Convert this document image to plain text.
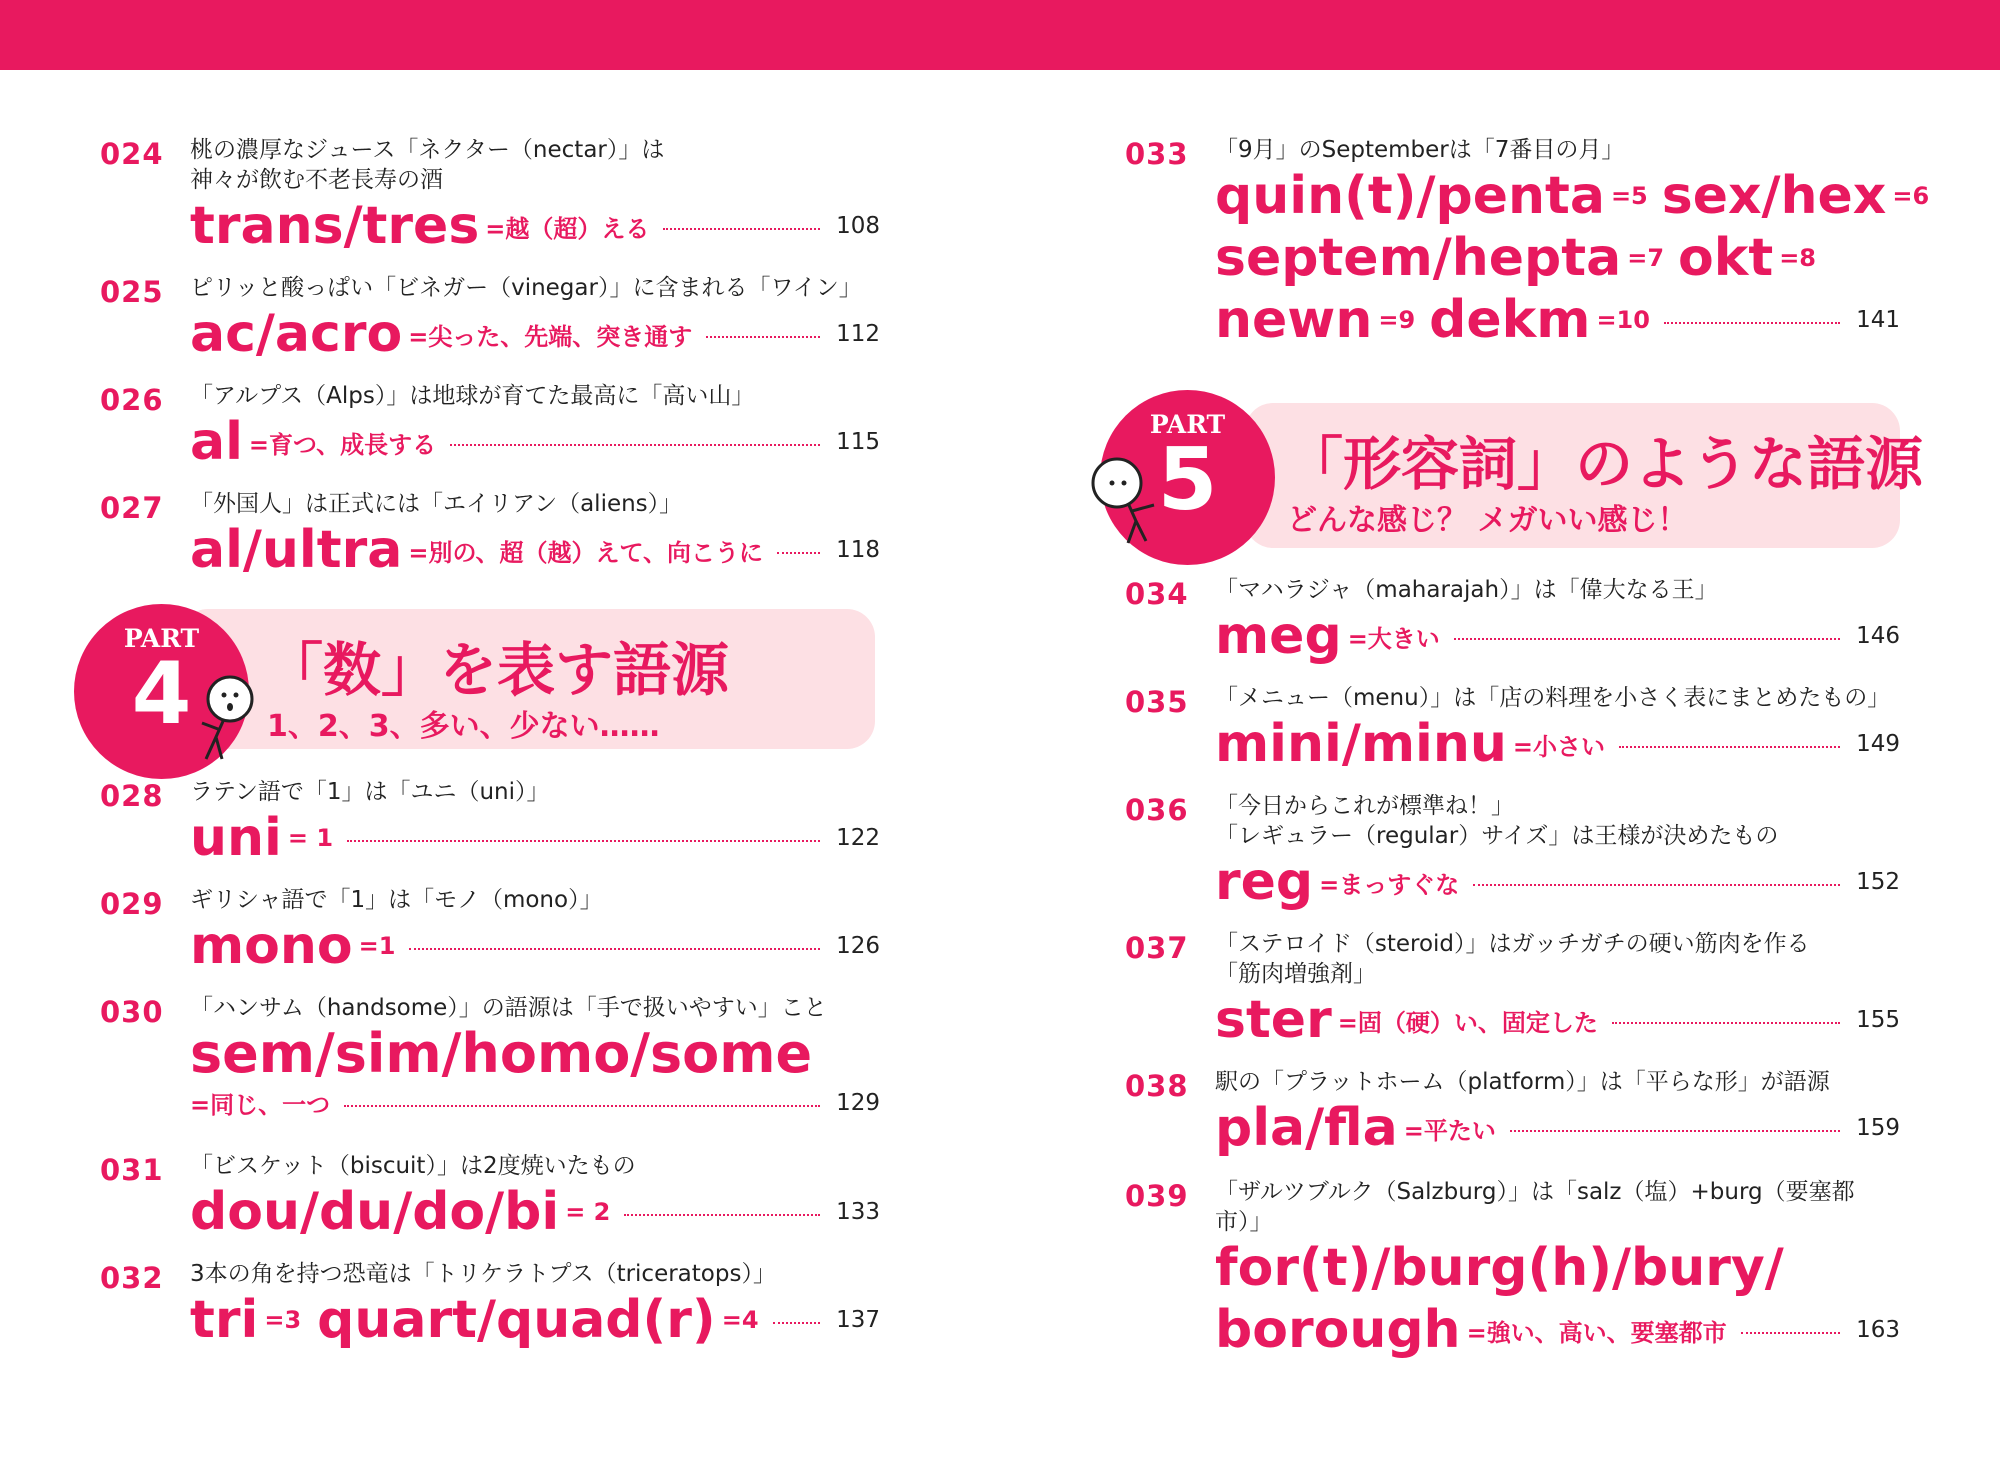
024 桃の濃厚なジュース「ネクター（nectar）」は

神々が飲む不老長寿の酒

trans/tres =越（超）える	108
025 ピリッと酸っぱい「ビネガー（vinegar）」に含まれる「ワイン」

ac/acro =尖った、先端、突き通す	112
026 「アルプス（Alps）」は地球が育てた最高に「高い山」

al =育つ、成長する	115
027 「外国人」は正式には「エイリアン（aliens）」

al/ultra =別の、超（越）えて、向こうに	118
PART
4	「数」を表す語源
1、2、3、多い、少ない……
028 ラテン語で「1」は「ユニ（uni）」

uni = 1	122
029 ギリシャ語で「1」は「モノ（mono）」

mono =1	126
030 「ハンサム（handsome）」の語源は「手で扱いやすい」こと

sem/sim/homo/some
=同じ、一つ	129
031 「ビスケット（biscuit）」は2度焼いたもの

dou/du/do/bi = 2	133
032 3本の角を持つ恐竜は「トリケラトプス（triceratops）」

tri =3 quart/quad(r) =4	137
033 「9月」のSeptemberは「7番目の月」

quin(t)/penta =5 sex/hex =6
septem/hepta =7 okt =8
newn =9 dekm =10	141
PART
5	「形容詞」のような語源
どんな感じ？ メガいい感じ！
034 「マハラジャ（maharajah）」は「偉大なる王」

meg =大きい	146
035 「メニュー（menu）」は「店の料理を小さく表にまとめたもの」

mini/minu =小さい	149
036 「今日からこれが標準ね！」

「レギュラー（regular）サイズ」は王様が決めたもの

reg =まっすぐな	152
037 「ステロイド（steroid）」はガッチガチの硬い筋肉を作る

「筋肉増強剤」

ster =固（硬）い、固定した	155
038 駅の「プラットホーム（platform）」は「平らな形」が語源

pla/fla =平たい	159
039 「ザルツブルク（Salzburg）」は「salz（塩）+burg（要塞都市）」

for(t)/burg(h)/bury/
borough =強い、高い、要塞都市	163
